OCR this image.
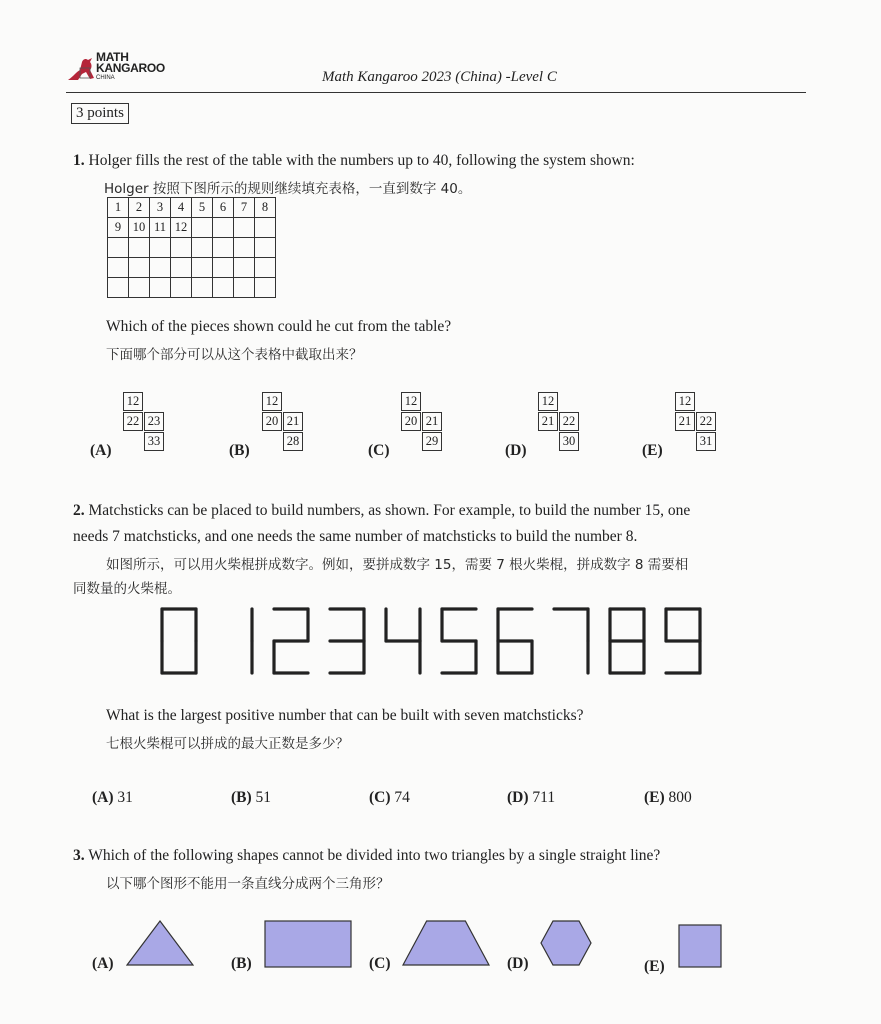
MATH
KANGAROO
CHINA	Math Kangaroo 2023 (China) -Level C
3 points
1. Holger fills the rest of the table with the numbers up to 40, following the system shown:
Holger 按照下图所示的规则继续填充表格，一直到数字 40。
1	2	3	4	5	6	7	8
9	10	11	12				

Which of the pieces shown could he cut from the table?
下面哪个部分可以从这个表格中截取出来？
(A)
12
22 23
33
(B)
12
20 21
28
(C)
12
20 21
29
(D)
12
21 22
30
(E)
12
21 22
31
2. Matchsticks can be placed to build numbers, as shown. For example, to build the number 15, one
needs 7 matchsticks, and one needs the same number of matchsticks to build the number 8.
如图所示，可以用火柴棍拼成数字。例如，要拼成数字 15，需要 7 根火柴棍，拼成数字 8 需要相
同数量的火柴棍。
What is the largest positive number that can be built with seven matchsticks?
七根火柴棍可以拼成的最大正数是多少？
(A) 31	(B) 51	(C) 74	(D) 711	(E) 800
3. Which of the following shapes cannot be divided into two triangles by a single straight line?
以下哪个图形不能用一条直线分成两个三角形？
(A)	(B)	(C)	(D)	(E)
